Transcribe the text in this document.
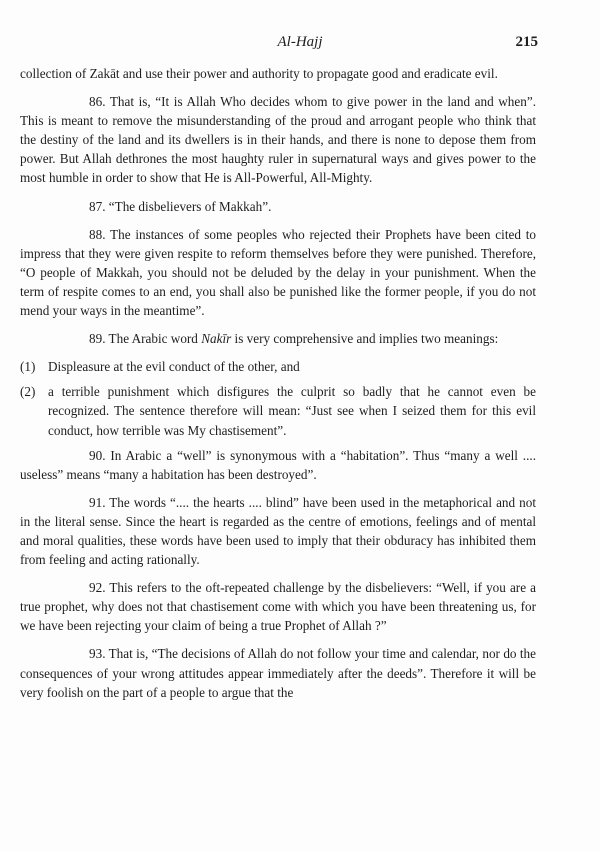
Al-Hajj	215

collection of Zakāt and use their power and authority to propagate good and eradicate evil.

86. That is, “It is Allah Who decides whom to give power in the land and when”. This is meant to remove the misunderstanding of the proud and arrogant people who think that the destiny of the land and its dwellers is in their hands, and there is none to depose them from power. But Allah dethrones the most haughty ruler in supernatural ways and gives power to the most humble in order to show that He is All-Powerful, All-Mighty.

87. “The disbelievers of Makkah”.

88. The instances of some peoples who rejected their Prophets have been cited to impress that they were given respite to reform themselves before they were punished. Therefore, “O people of Makkah, you should not be deluded by the delay in your punishment. When the term of respite comes to an end, you shall also be punished like the former people, if you do not mend your ways in the meantime”.

89. The Arabic word Nakīr is very comprehensive and implies two meanings:

(1) Displeasure at the evil conduct of the other, and

(2) a terrible punishment which disfigures the culprit so badly that he cannot even be recognized. The sentence therefore will mean: “Just see when I seized them for this evil conduct, how terrible was My chastisement”.

90. In Arabic a “well” is synonymous with a “habitation”. Thus “many a well .... useless” means “many a habitation has been destroyed”.

91. The words “.... the hearts .... blind” have been used in the metaphorical and not in the literal sense. Since the heart is regarded as the centre of emotions, feelings and of mental and moral qualities, these words have been used to imply that their obduracy has inhibited them from feeling and acting rationally.

92. This refers to the oft-repeated challenge by the disbelievers: “Well, if you are a true prophet, why does not that chastisement come with which you have been threatening us, for we have been rejecting your claim of being a true Prophet of Allah ?”

93. That is, “The decisions of Allah do not follow your time and calendar, nor do the consequences of your wrong attitudes appear immediately after the deeds”. Therefore it will be very foolish on the part of a people to argue that the
